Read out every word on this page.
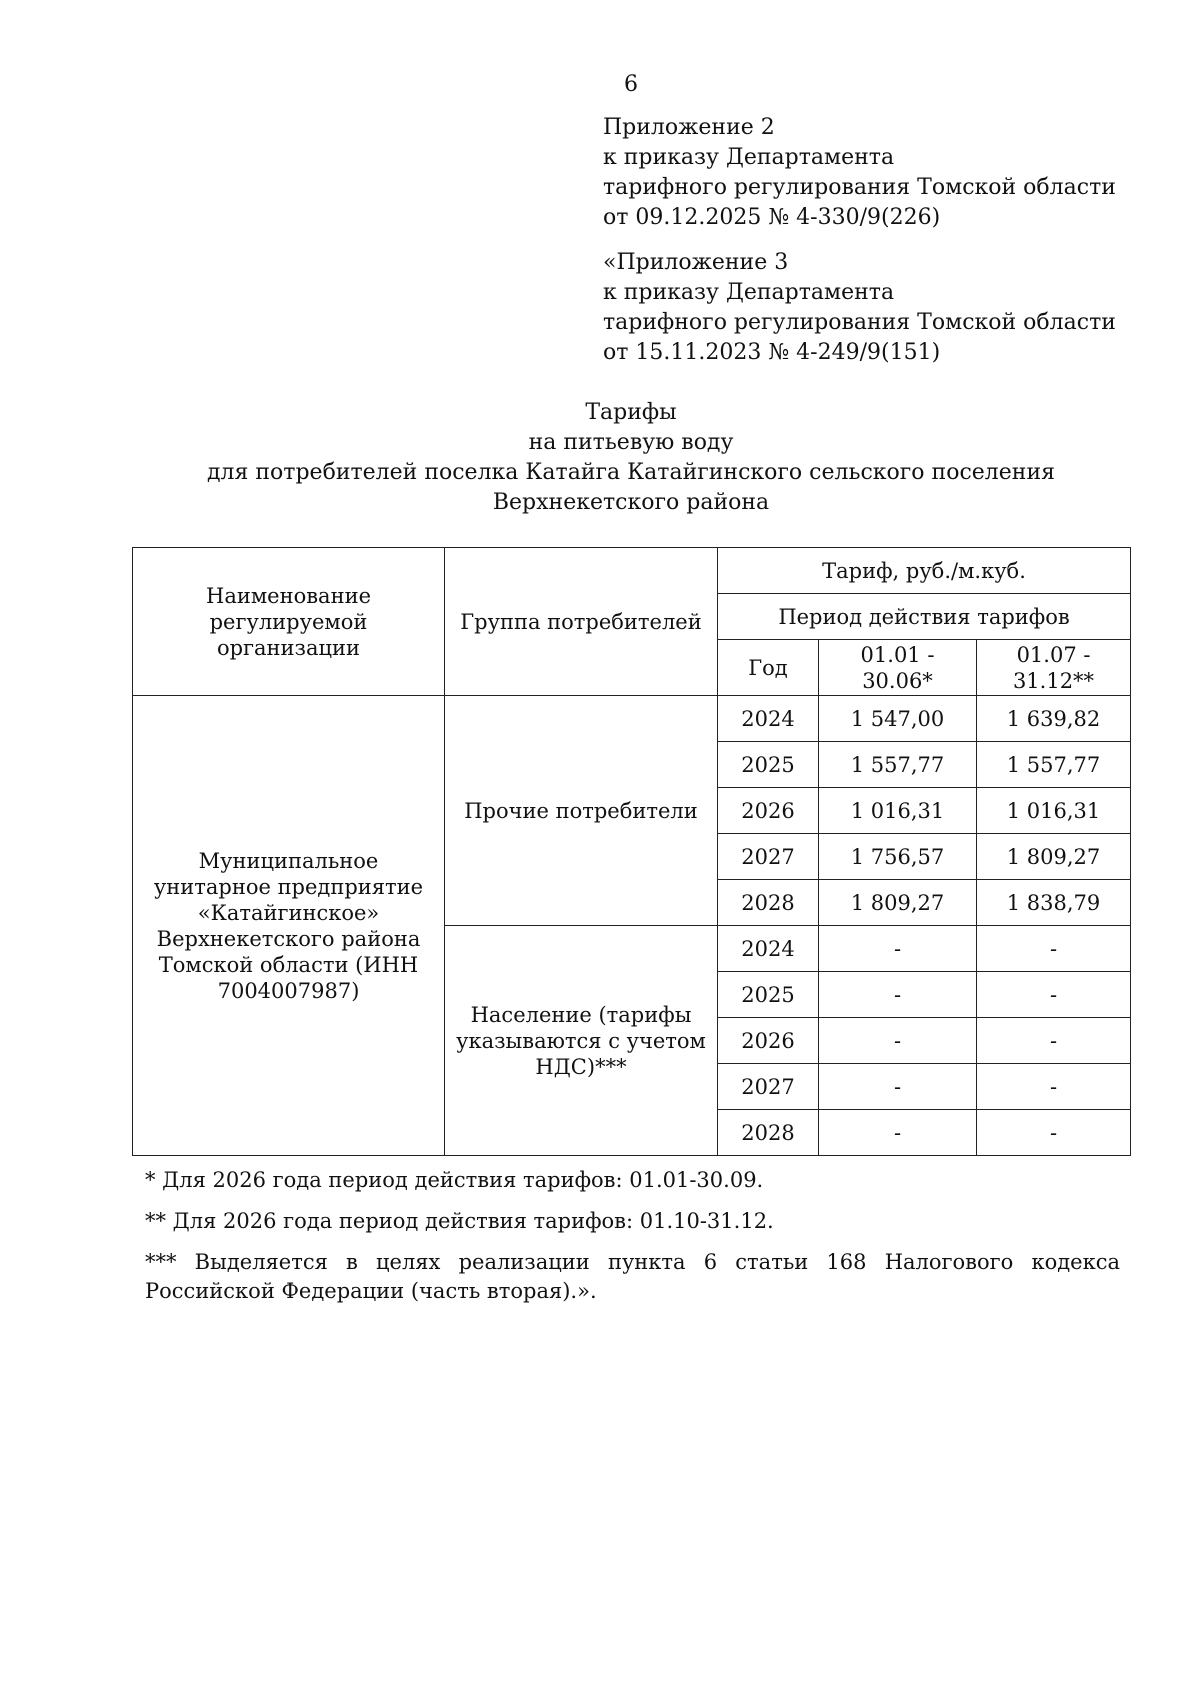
6
Приложение 2
к приказу Департамента
тарифного регулирования Томской области
от 09.12.2025 № 4-330/9(226)
«Приложение 3
к приказу Департамента
тарифного регулирования Томской области
от 15.11.2023 № 4-249/9(151)
Тарифы
на питьевую воду
для потребителей поселка Катайга Катайгинского сельского поселения
Верхнекетского района
Наименование регулируемой организации	Группа потребителей	Тариф, руб./м.куб.		
		Период действия тарифов		
		Год	01.01 - 30.06*	01.07 - 31.12**
Муниципальное унитарное предприятие «Катайгинское» Верхнекетского района Томской области (ИНН 7004007987)	Прочие потребители	2024	1 547,00	1 639,82
		2025	1 557,77	1 557,77
		2026	1 016,31	1 016,31
		2027	1 756,57	1 809,27
		2028	1 809,27	1 838,79
	Население (тарифы указываются с учетом НДС)***	2024	-	-
		2025	-	-
		2026	-	-
		2027	-	-
		2028	-	-

* Для 2026 года период действия тарифов: 01.01-30.09.

** Для 2026 года период действия тарифов: 01.10-31.12.

*** Выделяется в целях реализации пункта 6 статьи 168 Налогового кодекса Российской Федерации (часть вторая).».
